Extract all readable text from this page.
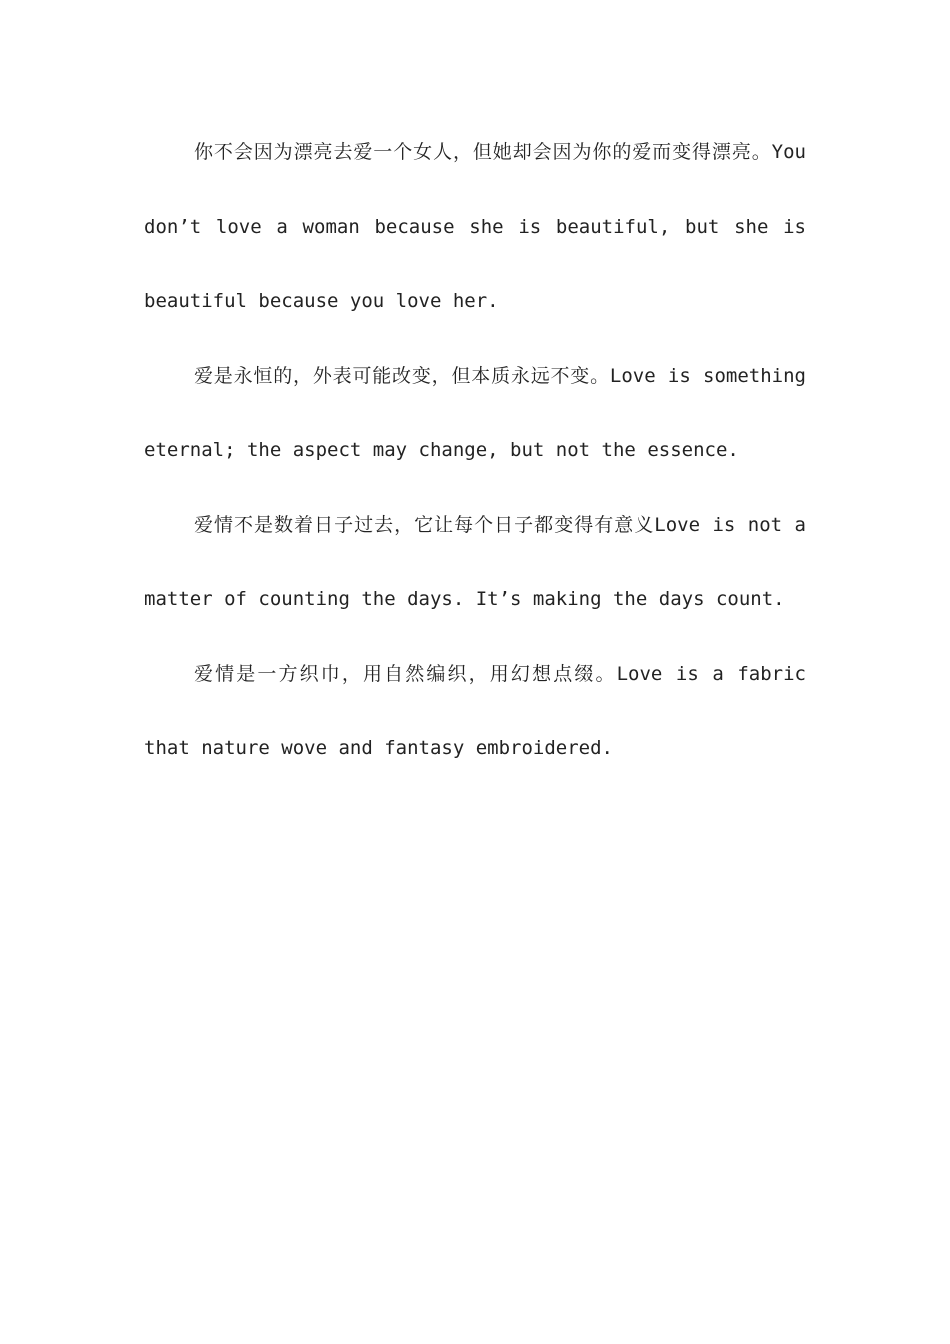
你不会因为漂亮去爱一个女人，但她却会因为你的爱而变得漂亮。You don’t love a woman because she is beautiful, but she is beautiful because you love her.

爱是永恒的，外表可能改变，但本质永远不变。Love is something eternal; the aspect may change, but not the essence.

爱情不是数着日子过去，它让每个日子都变得有意义Love is not a matter of counting the days. It’s making the days count.

爱情是一方织巾，用自然编织，用幻想点缀。Love is a fabric that nature wove and fantasy embroidered.
